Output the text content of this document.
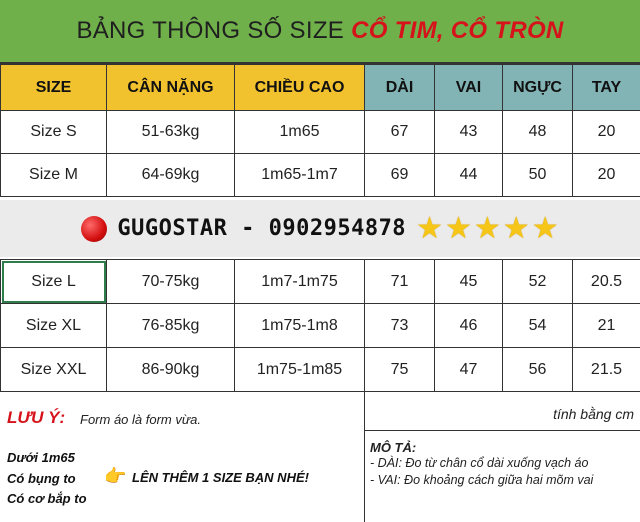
BẢNG THÔNG SỐ SIZE CỔ TIM, CỔ TRÒN
SIZE	CÂN NẶNG	CHIỀU CAO	DÀI	VAI	NGỰC	TAY
Size S	51-63kg	1m65	67	43	48	20
Size M	64-69kg	1m65-1m7	69	44	50	20
GUGOSTAR - 0902954878 ★ ★ ★ ★ ★
Size L	70-75kg	1m7-1m75	71	45	52	20.5
Size XL	76-85kg	1m75-1m8	73	46	54	21
Size XXL	86-90kg	1m75-1m85	75	47	56	21.5
LƯU Ý: Form áo là form vừa.
Dưới 1m65
Có bụng to
Có cơ bắp to
👉 LÊN THÊM 1 SIZE BẠN NHÉ!
tính bằng cm
MÔ TẢ:
- DÀI: Đo từ chân cổ dài xuống vạch áo
- VAI: Đo khoảng cách giữa hai mõm vai
